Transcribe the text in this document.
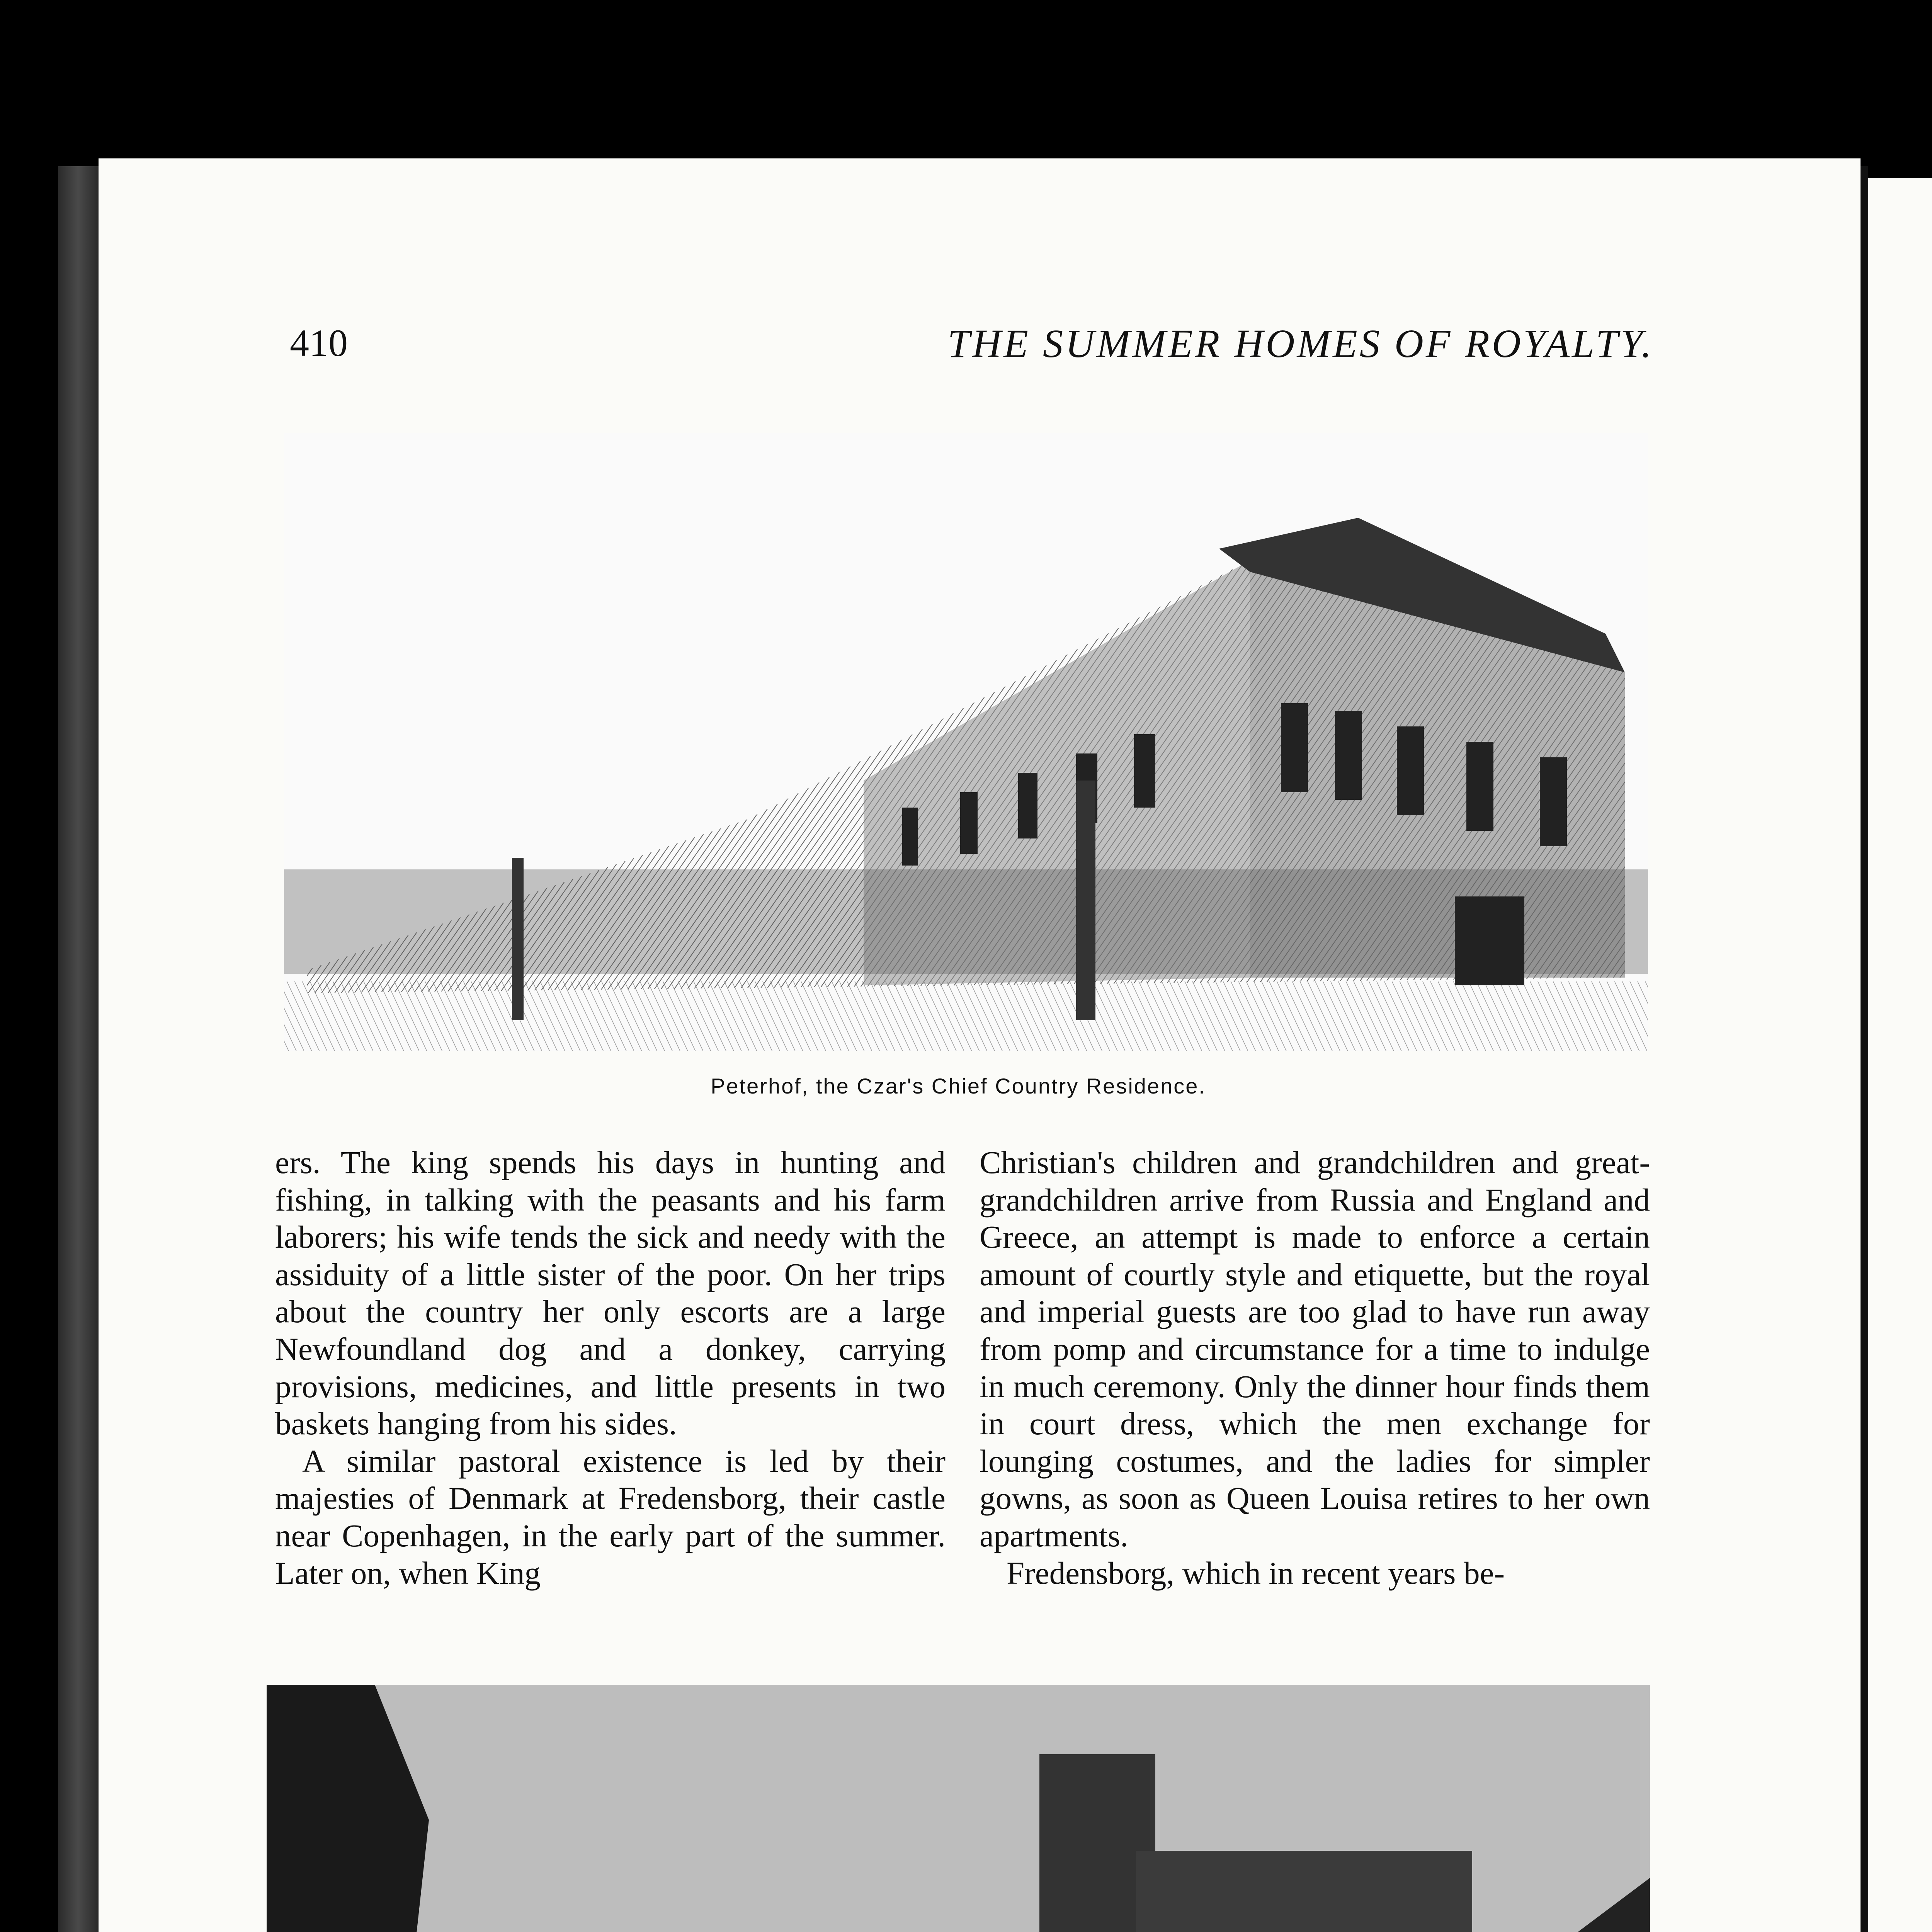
410	THE SUMMER HOMES OF ROYALTY.
Peterhof, the Czar's Chief Country Residence.

ers. The king spends his days in hunting and fishing, in talking with the peasants and his farm laborers; his wife tends the sick and needy with the assiduity of a little sister of the poor. On her trips about the country her only escorts are a large Newfoundland dog and a donkey, carrying provisions, medicines, and little presents in two baskets hanging from his sides.

A similar pastoral existence is led by their majesties of Denmark at Fredensborg, their castle near Copenhagen, in the early part of the summer. Later on, when King

Christian's children and grandchildren and great-grandchildren arrive from Russia and England and Greece, an attempt is made to enforce a certain amount of courtly style and etiquette, but the royal and imperial guests are too glad to have run away from pomp and circumstance for a time to indulge in much ceremony. Only the dinner hour finds them in court dress, which the men exchange for lounging costumes, and the ladies for simpler gowns, as soon as Queen Louisa retires to her own apartments.

Fredensborg, which in recent years be-
